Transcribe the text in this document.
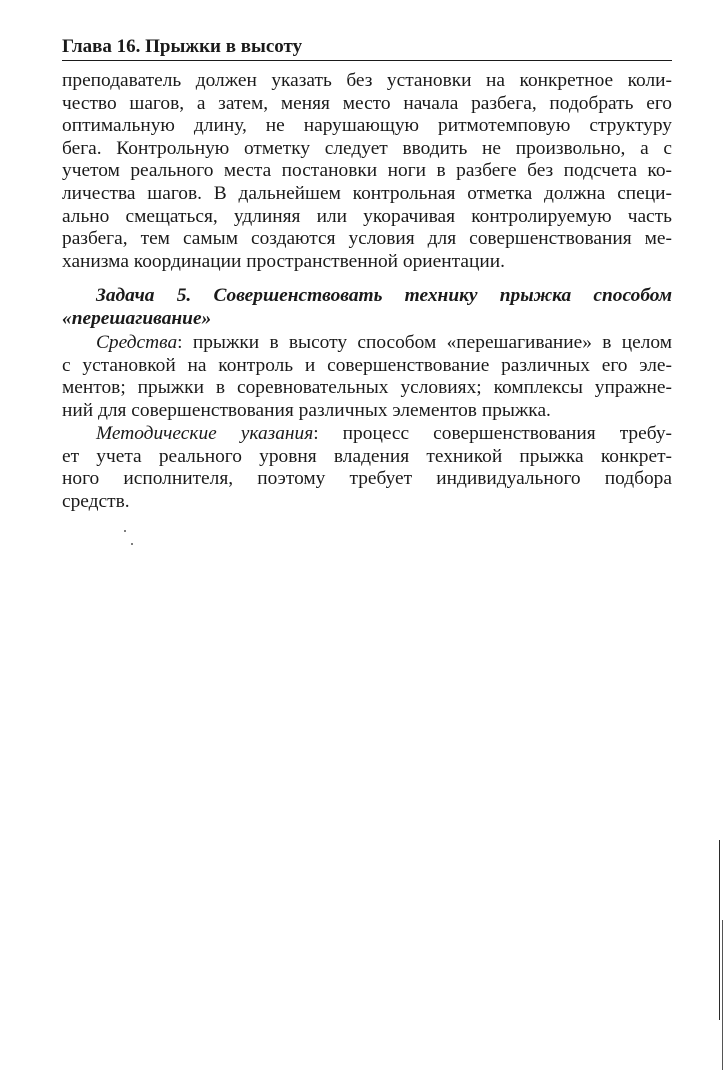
Глава 16. Прыжки в высоту
преподаватель должен указать без установки на конкретное коли-
чество шагов, а затем, меняя место начала разбега, подобрать его
оптимальную длину, не нарушающую ритмотемповую структуру
бега. Контрольную отметку следует вводить не произвольно, а с
учетом реального места постановки ноги в разбеге без подсчета ко-
личества шагов. В дальнейшем контрольная отметка должна специ-
ально смещаться, удлиняя или укорачивая контролируемую часть
разбега, тем самым создаются условия для совершенствования ме-
ханизма координации пространственной ориентации.
Задача 5. Совершенствовать технику прыжка способом
«перешагивание»
Средства: прыжки в высоту способом «перешагивание» в целом
с установкой на контроль и совершенствование различных его эле-
ментов; прыжки в соревновательных условиях; комплексы упражне-
ний для совершенствования различных элементов прыжка.
Методические указания: процесс совершенствования требу-
ет учета реального уровня владения техникой прыжка конкрет-
ного исполнителя, поэтому требует индивидуального подбора
средств.
